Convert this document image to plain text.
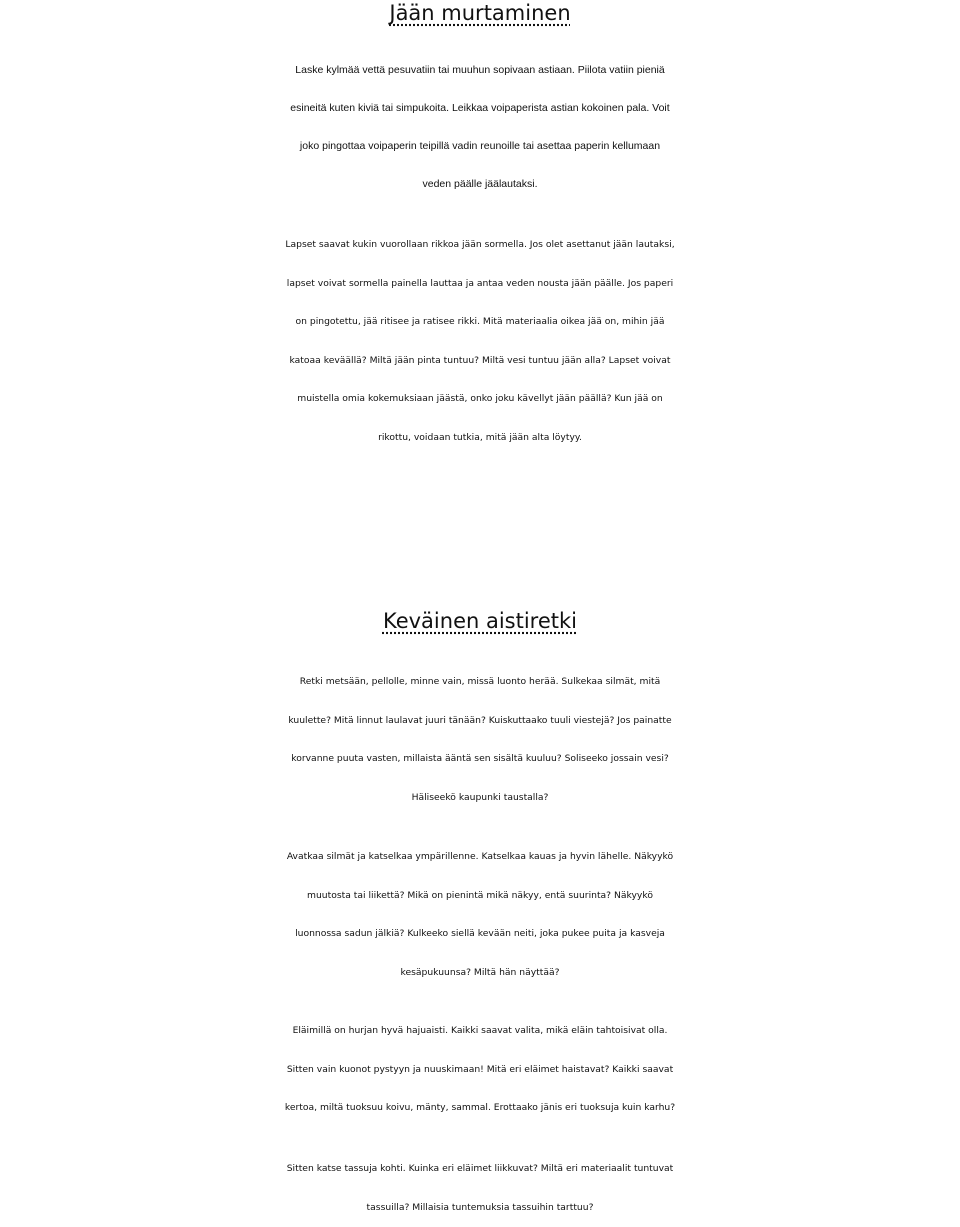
Jään murtaminen

Laske kylmää vettä pesuvatiin tai muuhun sopivaan astiaan. Piilota vatiin pieniä
esineitä kuten kiviä tai simpukoita. Leikkaa voipaperista astian kokoinen pala. Voit
joko pingottaa voipaperin teipillä vadin reunoille tai asettaa paperin kellumaan
veden päälle jäälautaksi.

Lapset saavat kukin vuorollaan rikkoa jään sormella. Jos olet asettanut jään lautaksi,
lapset voivat sormella painella lauttaa ja antaa veden nousta jään päälle. Jos paperi
on pingotettu, jää ritisee ja ratisee rikki. Mitä materiaalia oikea jää on, mihin jää
katoaa keväällä? Miltä jään pinta tuntuu? Miltä vesi tuntuu jään alla? Lapset voivat
muistella omia kokemuksiaan jäästä, onko joku kävellyt jään päällä? Kun jää on
rikottu, voidaan tutkia, mitä jään alta löytyy.

Keväinen aistiretki

Retki metsään, pellolle, minne vain, missä luonto herää. Sulkekaa silmät, mitä
kuulette? Mitä linnut laulavat juuri tänään? Kuiskuttaako tuuli viestejä? Jos painatte
korvanne puuta vasten, millaista ääntä sen sisältä kuuluu? Soliseeko jossain vesi?
Häliseekö kaupunki taustalla?

Avatkaa silmät ja katselkaa ympärillenne. Katselkaa kauas ja hyvin lähelle. Näkyykö
muutosta tai liikettä? Mikä on pienintä mikä näkyy, entä suurinta? Näkyykö
luonnossa sadun jälkiä? Kulkeeko siellä kevään neiti, joka pukee puita ja kasveja
kesäpukuunsa? Miltä hän näyttää?

Eläimillä on hurjan hyvä hajuaisti. Kaikki saavat valita, mikä eläin tahtoisivat olla.
Sitten vain kuonot pystyyn ja nuuskimaan! Mitä eri eläimet haistavat? Kaikki saavat
kertoa, miltä tuoksuu koivu, mänty, sammal. Erottaako jänis eri tuoksuja kuin karhu?

Sitten katse tassuja kohti. Kuinka eri eläimet liikkuvat? Miltä eri materiaalit tuntuvat
tassuilla? Millaisia tuntemuksia tassuihin tarttuu?
